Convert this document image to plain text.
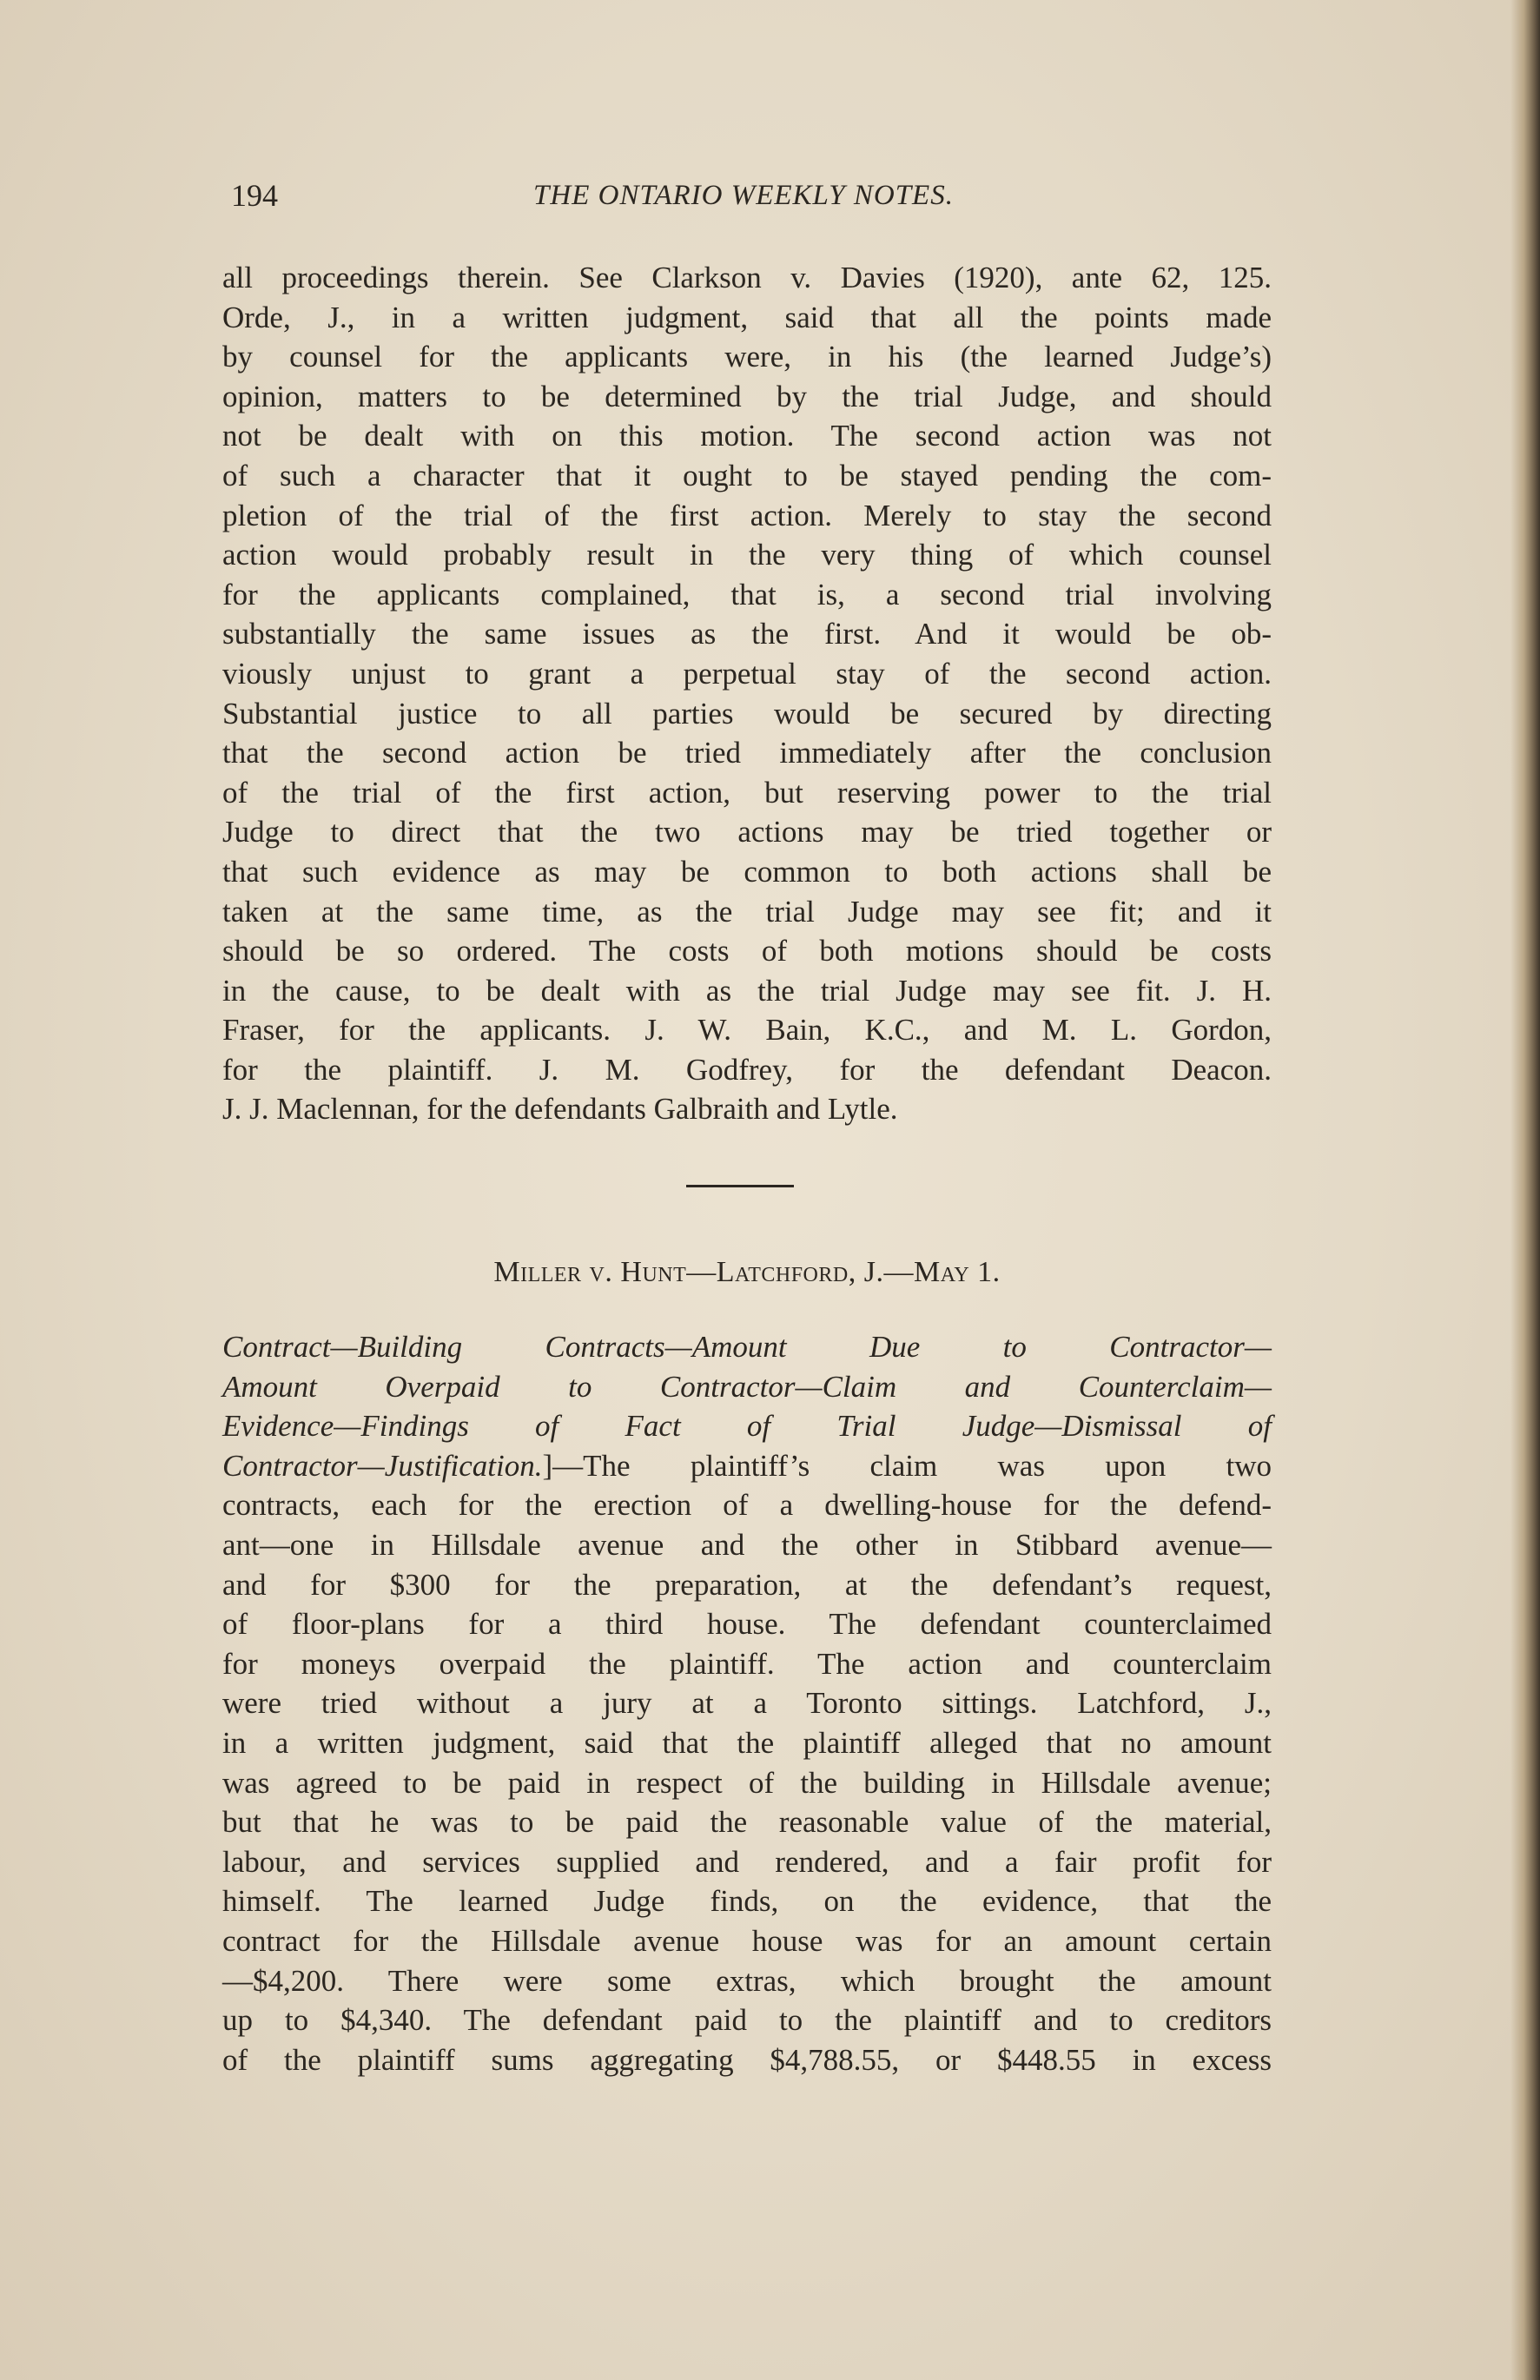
194	THE ONTARIO WEEKLY NOTES.
all proceedings therein. See Clarkson v. Davies (1920), ante 62, 125.
Orde, J., in a written judgment, said that all the points made
by counsel for the applicants were, in his (the learned Judge’s)
opinion, matters to be determined by the trial Judge, and should
not be dealt with on this motion. The second action was not
of such a character that it ought to be stayed pending the com-
pletion of the trial of the first action. Merely to stay the second
action would probably result in the very thing of which counsel
for the applicants complained, that is, a second trial involving
substantially the same issues as the first. And it would be ob-
viously unjust to grant a perpetual stay of the second action.
Substantial justice to all parties would be secured by directing
that the second action be tried immediately after the conclusion
of the trial of the first action, but reserving power to the trial
Judge to direct that the two actions may be tried together or
that such evidence as may be common to both actions shall be
taken at the same time, as the trial Judge may see fit; and it
should be so ordered. The costs of both motions should be costs
in the cause, to be dealt with as the trial Judge may see fit. J. H.
Fraser, for the applicants. J. W. Bain, K.C., and M. L. Gordon,
for the plaintiff. J. M. Godfrey, for the defendant Deacon.
J. J. Maclennan, for the defendants Galbraith and Lytle.
Miller v. Hunt—Latchford, J.—May 1.
Contract—Building Contracts—Amount Due to Contractor—
Amount Overpaid to Contractor—Claim and Counterclaim—
Evidence—Findings of Fact of Trial Judge—Dismissal of
Contractor—Justification.]—The plaintiff’s claim was upon two
contracts, each for the erection of a dwelling-house for the defend-
ant—one in Hillsdale avenue and the other in Stibbard avenue—
and for $300 for the preparation, at the defendant’s request,
of floor-plans for a third house. The defendant counterclaimed
for moneys overpaid the plaintiff. The action and counterclaim
were tried without a jury at a Toronto sittings. Latchford, J.,
in a written judgment, said that the plaintiff alleged that no amount
was agreed to be paid in respect of the building in Hillsdale avenue;
but that he was to be paid the reasonable value of the material,
labour, and services supplied and rendered, and a fair profit for
himself. The learned Judge finds, on the evidence, that the
contract for the Hillsdale avenue house was for an amount certain
—$4,200. There were some extras, which brought the amount
up to $4,340. The defendant paid to the plaintiff and to creditors
of the plaintiff sums aggregating $4,788.55, or $448.55 in excess
